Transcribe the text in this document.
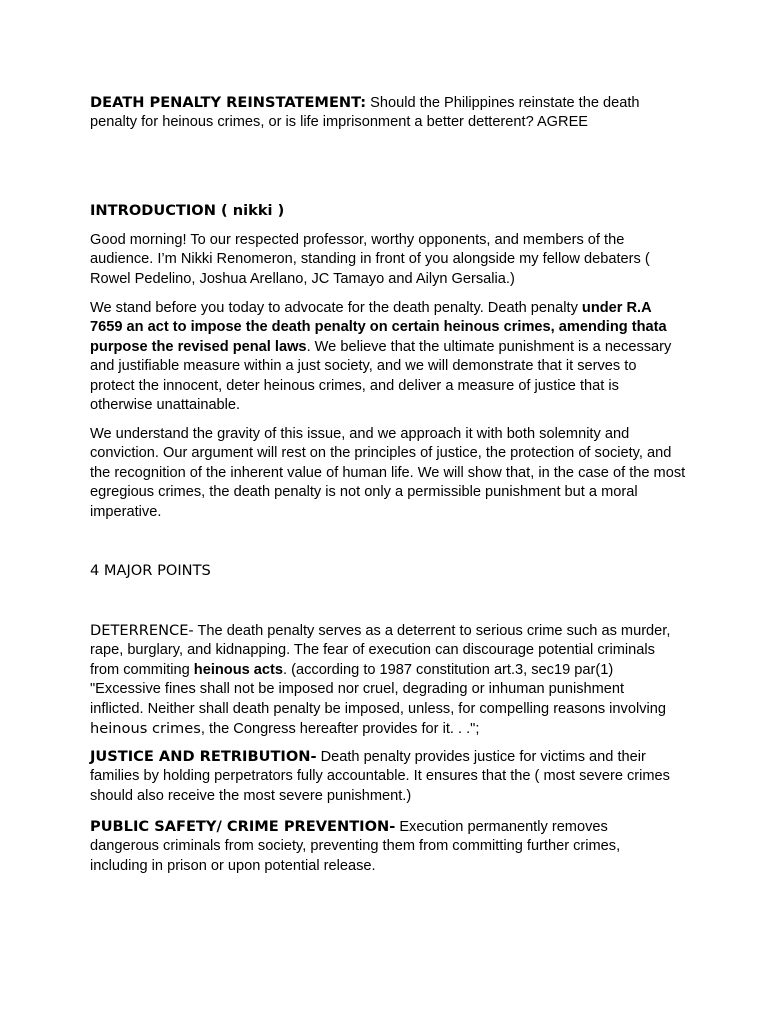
DEATH PENALTY REINSTATEMENT: Should the Philippines reinstate the death penalty for heinous crimes, or is life imprisonment a better detterent? AGREE

INTRODUCTION ( nikki )

Good morning! To our respected professor, worthy opponents, and members of the audience. I’m Nikki Renomeron, standing in front of you alongside my fellow debaters ( Rowel Pedelino, Joshua Arellano, JC Tamayo and Ailyn Gersalia.)

We stand before you today to advocate for the death penalty. Death penalty under R.A 7659 an act to impose the death penalty on certain heinous crimes, amending thata purpose the revised penal laws. We believe that the ultimate punishment is a necessary and justifiable measure within a just society, and we will demonstrate that it serves to protect the innocent, deter heinous crimes, and deliver a measure of justice that is otherwise unattainable.

We understand the gravity of this issue, and we approach it with both solemnity and conviction. Our argument will rest on the principles of justice, the protection of society, and the recognition of the inherent value of human life. We will show that, in the case of the most egregious crimes, the death penalty is not only a permissible punishment but a moral imperative.

4 MAJOR POINTS

DETERRENCE- The death penalty serves as a deterrent to serious crime such as murder, rape, burglary, and kidnapping. The fear of execution can discourage potential criminals from commiting heinous acts. (according to 1987 constitution art.3, sec19 par(1) "Excessive fines shall not be imposed nor cruel, degrading or inhuman punishment inflicted. Neither shall death penalty be imposed, unless, for compelling reasons involving heinous crimes, the Congress hereafter provides for it. . .";

JUSTICE AND RETRIBUTION- Death penalty provides justice for victims and their families by holding perpetrators fully accountable. It ensures that the ( most severe crimes should also receive the most severe punishment.)

PUBLIC SAFETY/ CRIME PREVENTION- Execution permanently removes dangerous criminals from society, preventing them from committing further crimes, including in prison or upon potential release.
